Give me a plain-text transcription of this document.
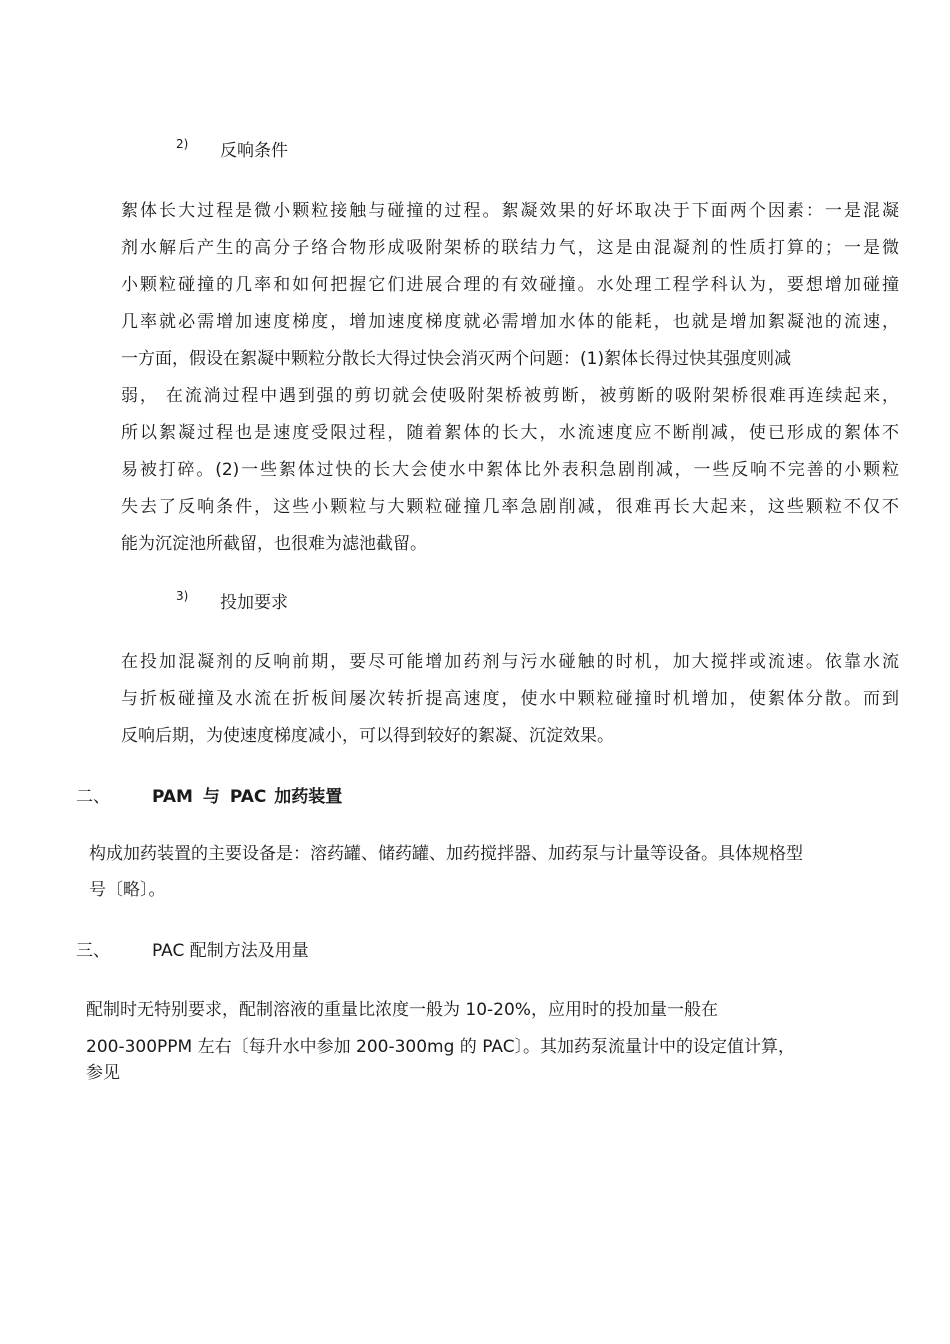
2) 反响条件
絮体长大过程是微小颗粒接触与碰撞的过程。絮凝效果的好坏取决于下面两个因素：一是混凝
剂水解后产生的高分子络合物形成吸附架桥的联结力气，这是由混凝剂的性质打算的；一是微
小颗粒碰撞的几率和如何把握它们进展合理的有效碰撞。水处理工程学科认为，要想增加碰撞
几率就必需增加速度梯度，增加速度梯度就必需增加水体的能耗，也就是增加絮凝池的流速，
一方面，假设在絮凝中颗粒分散长大得过快会消灭两个问题：(1)絮体长得过快其强度则减
弱， 在流淌过程中遇到强的剪切就会使吸附架桥被剪断，被剪断的吸附架桥很难再连续起来，
所以絮凝过程也是速度受限过程，随着絮体的长大，水流速度应不断削减，使已形成的絮体不
易被打碎。(2)一些絮体过快的长大会使水中絮体比外表积急剧削减，一些反响不完善的小颗粒
失去了反响条件，这些小颗粒与大颗粒碰撞几率急剧削减，很难再长大起来，这些颗粒不仅不
能为沉淀池所截留，也很难为滤池截留。
3) 投加要求
在投加混凝剂的反响前期，要尽可能增加药剂与污水碰触的时机，加大搅拌或流速。依靠水流
与折板碰撞及水流在折板间屡次转折提高速度，使水中颗粒碰撞时机增加，使絮体分散。而到
反响后期，为使速度梯度减小，可以得到较好的絮凝、沉淀效果。
二、 PAM 与 PAC 加药装置
构成加药装置的主要设备是：溶药罐、储药罐、加药搅拌器、加药泵与计量等设备。具体规格型
号〔略〕。
三、 PAC 配制方法及用量
配制时无特别要求，配制溶液的重量比浓度一般为 10-20%，应用时的投加量一般在
200-300PPM 左右〔每升水中参加 200-300mg 的 PAC〕。其加药泵流量计中的设定值计算，
参见
